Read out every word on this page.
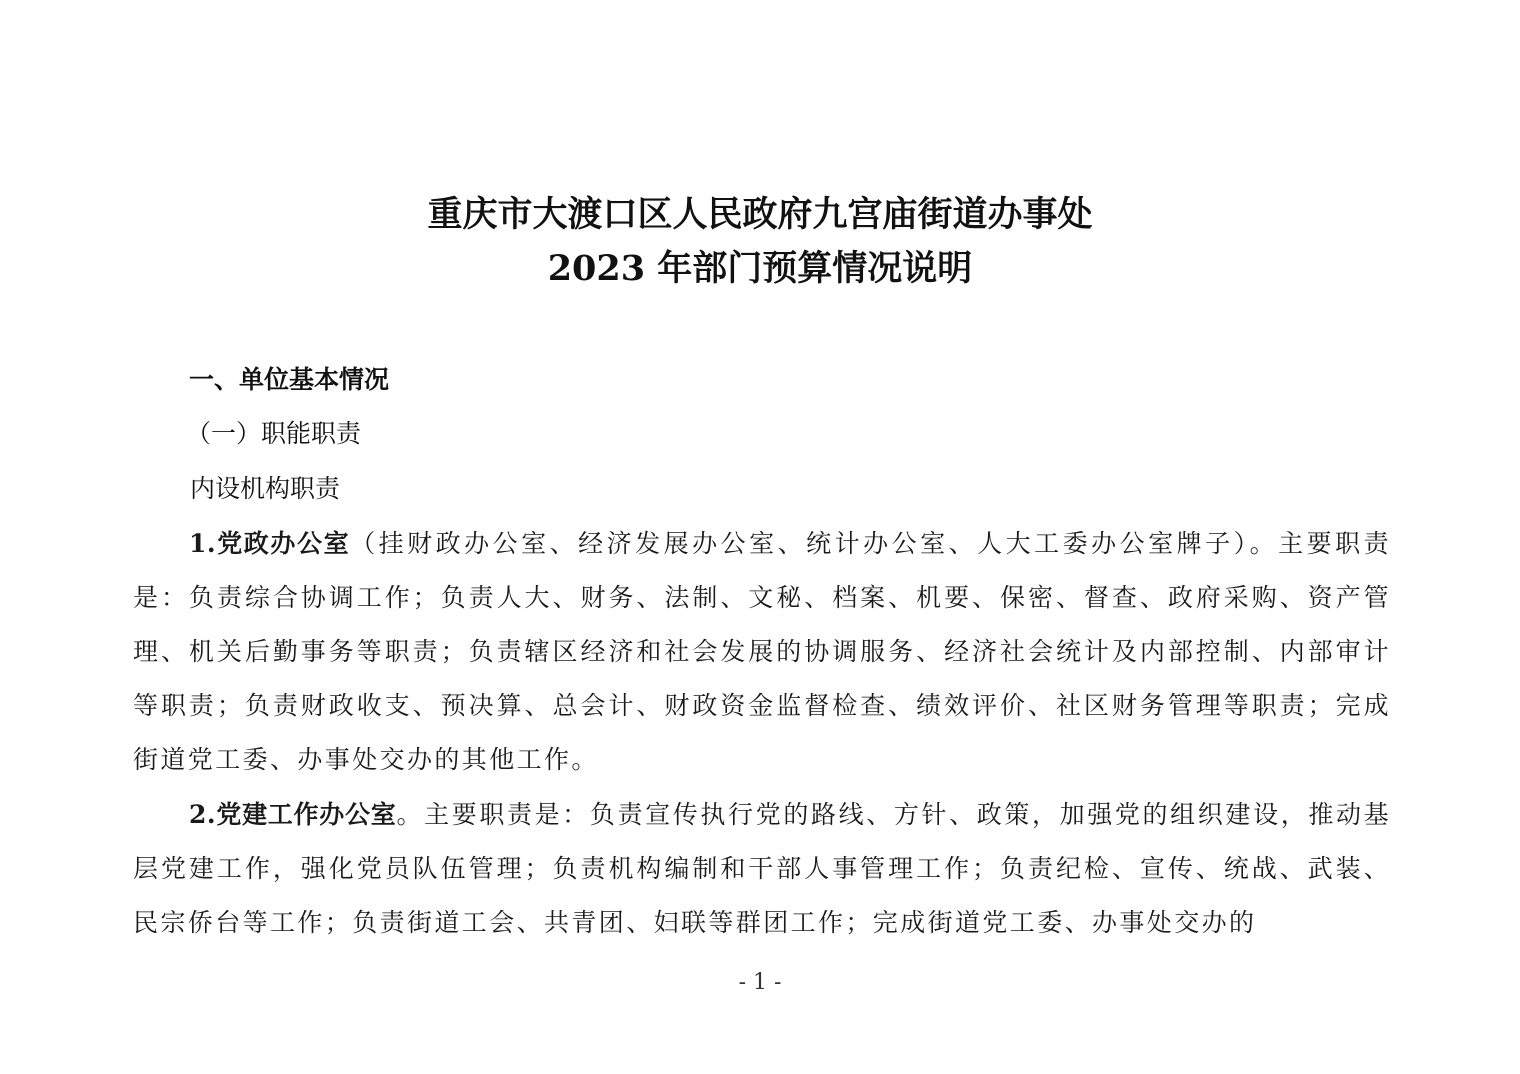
重庆市大渡口区人民政府九宫庙街道办事处
2023 年部门预算情况说明
一、单位基本情况
（一）职能职责
内设机构职责
1.党政办公室（挂财政办公室、经济发展办公室、统计办公室、人大工委办公室牌子）。主要职责是：负责综合协调工作；负责人大、财务、法制、文秘、档案、机要、保密、督查、政府采购、资产管理、机关后勤事务等职责；负责辖区经济和社会发展的协调服务、经济社会统计及内部控制、内部审计等职责；负责财政收支、预决算、总会计、财政资金监督检查、绩效评价、社区财务管理等职责；完成街道党工委、办事处交办的其他工作。
2.党建工作办公室。主要职责是：负责宣传执行党的路线、方针、政策，加强党的组织建设，推动基层党建工作，强化党员队伍管理；负责机构编制和干部人事管理工作；负责纪检、宣传、统战、武装、民宗侨台等工作；负责街道工会、共青团、妇联等群团工作；完成街道党工委、办事处交办的
- 1 -
